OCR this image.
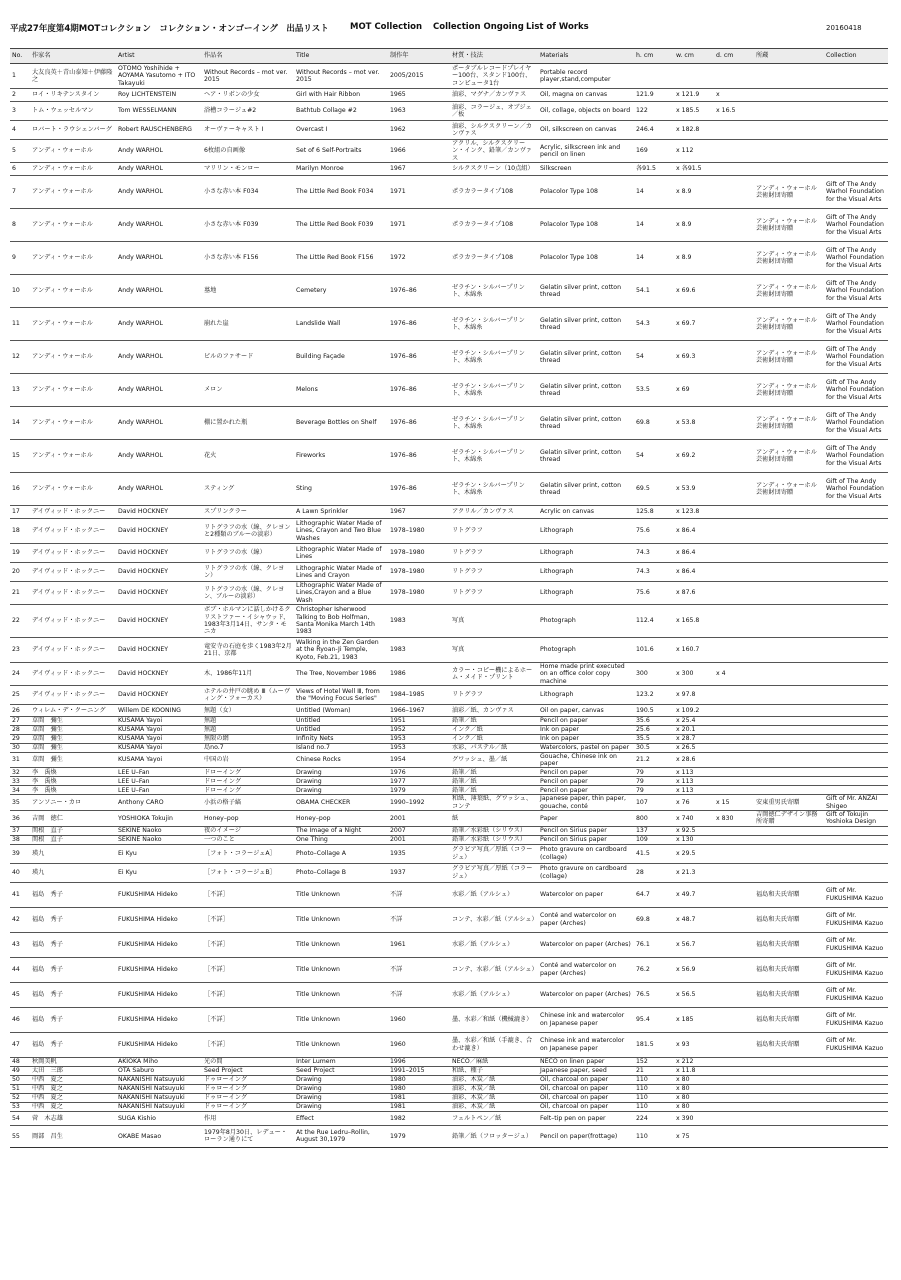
平成27年度第4期MOTコレクション　コレクション・オンゴーイング　出品リスト	MOT Collection Collection Ongoing List of Works	20160418
No.	作家名	Artist	作品名	Title	制作年	材質・技法	Materials	h. cm	w. cm	d. cm	所蔵	Collection
1	大友良英＋青山泰知＋伊藤隆之	OTOMO Yoshihide + AOYAMA Yasutomo + ITO Takayuki	Without Records – mot ver. 2015	Without Records – mot ver. 2015	2005/2015	ポータブルレコードプレイヤー100台、スタンド100台、コンピュータ1台	Portable record player,stand,computer					
2	ロイ・リキテンスタイン	Roy LICHTENSTEIN	ヘア・リボンの少女	Girl with Hair Ribbon	1965	油彩、マグナ／カンヴァス	Oil, magna on canvas	121.9	x 121.9	x		
3	トム・ウェッセルマン	Tom WESSELMANN	浴槽コラージュ#2	Bathtub Collage #2	1963	油彩、コラージュ、オブジェ／板	Oil, collage, objects on board	122	x 185.5	x 16.5		
4	ロバート・ラウシェンバーグ	Robert RAUSCHENBERG	オーヴァーキャスト Ⅰ	Overcast Ⅰ	1962	油彩、シルクスクリーン／カンヴァス	Oil, silkscreen on canvas	246.4	x 182.8			
5	アンディ・ウォーホル	Andy WARHOL	6枚組の自画像	Set of 6 Self-Portraits	1966	アクリル、シルクスクリーン・インク、鉛筆／カンヴァス	Acrylic, silkscreen ink and pencil on linen	169	x 112			
6	アンディ・ウォーホル	Andy WARHOL	マリリン・モンロー	Marilyn Monroe	1967	シルクスクリーン（10点組）	Silkscreen	各91.5	x 各91.5			
7	アンディ・ウォーホル	Andy WARHOL	小さな赤い本 F034	The Little Red Book F034	1971	ポラカラータイプ108	Polacolor Type 108	14	x 8.9		アンディ・ウォーホル芸術財団寄贈	Gift of The Andy Warhol Foundation for the Visual Arts
8	アンディ・ウォーホル	Andy WARHOL	小さな赤い本 F039	The Little Red Book F039	1971	ポラカラータイプ108	Polacolor Type 108	14	x 8.9		アンディ・ウォーホル芸術財団寄贈	Gift of The Andy Warhol Foundation for the Visual Arts
9	アンディ・ウォーホル	Andy WARHOL	小さな赤い本 F156	The Little Red Book F156	1972	ポラカラータイプ108	Polacolor Type 108	14	x 8.9		アンディ・ウォーホル芸術財団寄贈	Gift of The Andy Warhol Foundation for the Visual Arts
10	アンディ・ウォーホル	Andy WARHOL	墓地	Cemetery	1976–86	ゼラチン・シルバープリント、木綿糸	Gelatin silver print, cotton thread	54.1	x 69.6		アンディ・ウォーホル芸術財団寄贈	Gift of The Andy Warhol Foundation for the Visual Arts
11	アンディ・ウォーホル	Andy WARHOL	崩れた崖	Landslide Wall	1976–86	ゼラチン・シルバープリント、木綿糸	Gelatin silver print, cotton thread	54.3	x 69.7		アンディ・ウォーホル芸術財団寄贈	Gift of The Andy Warhol Foundation for the Visual Arts
12	アンディ・ウォーホル	Andy WARHOL	ビルのファサード	Building Façade	1976–86	ゼラチン・シルバープリント、木綿糸	Gelatin silver print, cotton thread	54	x 69.3		アンディ・ウォーホル芸術財団寄贈	Gift of The Andy Warhol Foundation for the Visual Arts
13	アンディ・ウォーホル	Andy WARHOL	メロン	Melons	1976–86	ゼラチン・シルバープリント、木綿糸	Gelatin silver print, cotton thread	53.5	x 69		アンディ・ウォーホル芸術財団寄贈	Gift of The Andy Warhol Foundation for the Visual Arts
14	アンディ・ウォーホル	Andy WARHOL	棚に置かれた瓶	Beverage Bottles on Shelf	1976–86	ゼラチン・シルバープリント、木綿糸	Gelatin silver print, cotton thread	69.8	x 53.8		アンディ・ウォーホル芸術財団寄贈	Gift of The Andy Warhol Foundation for the Visual Arts
15	アンディ・ウォーホル	Andy WARHOL	花火	Fireworks	1976–86	ゼラチン・シルバープリント、木綿糸	Gelatin silver print, cotton thread	54	x 69.2		アンディ・ウォーホル芸術財団寄贈	Gift of The Andy Warhol Foundation for the Visual Arts
16	アンディ・ウォーホル	Andy WARHOL	スティング	Sting	1976–86	ゼラチン・シルバープリント、木綿糸	Gelatin silver print, cotton thread	69.5	x 53.9		アンディ・ウォーホル芸術財団寄贈	Gift of The Andy Warhol Foundation for the Visual Arts
17	デイヴィッド・ホックニー	David HOCKNEY	スプリンクラー	A Lawn Sprinkler	1967	アクリル／カンヴァス	Acrylic on canvas	125.8	x 123.8			
18	デイヴィッド・ホックニー	David HOCKNEY	リトグラフの水（線、クレヨンと2種類のブルーの淡彩）	Lithographic Water Made of Lines, Crayon and Two Blue Washes	1978–1980	リトグラフ	Lithograph	75.6	x 86.4			
19	デイヴィッド・ホックニー	David HOCKNEY	リトグラフの水（線）	Lithographic Water Made of Lines	1978–1980	リトグラフ	Lithograph	74.3	x 86.4			
20	デイヴィッド・ホックニー	David HOCKNEY	リトグラフの水（線、クレヨン）	Lithographic Water Made of Lines and Crayon	1978–1980	リトグラフ	Lithograph	74.3	x 86.4			
21	デイヴィッド・ホックニー	David HOCKNEY	リトグラフの水（線、クレヨン、ブルーの淡彩）	Lithographic Water Made of Lines,Crayon and a Blue Wash	1978–1980	リトグラフ	Lithograph	75.6	x 87.6			
22	デイヴィッド・ホックニー	David HOCKNEY	ボブ・ホルマンに話しかけるクリストファー・イシャウッド、1983年3月14日、サンタ・モニカ	Christopher Isherwood Talking to Bob Holfman, Santa Monika March 14th 1983	1983	写真	Photograph	112.4	x 165.8			
23	デイヴィッド・ホックニー	David HOCKNEY	竜安寺の石庭を歩く1983年2月21日、京都	Walking in the Zen Garden at the Ryoan-Ji Temple, Kyoto, Feb.21, 1983	1983	写真	Photograph	101.6	x 160.7			
24	デイヴィッド・ホックニー	David HOCKNEY	木、1986年11月	The Tree, November 1986	1986	カラー・コピー機によるホーム・メイド・プリント	Home made print executed on an office color copy machine	300	x 300	x 4		
25	デイヴィッド・ホックニー	David HOCKNEY	ホテルの井戸の眺め Ⅲ（ムーヴィング・フォーカス）	Views of Hotel Well Ⅲ, from the "Moving Focus Series"	1984–1985	リトグラフ	Lithograph	123.2	x 97.8			
26	ウィレム・デ・クーニング	Willem DE KOONING	無題（女）	Untitled (Woman)	1966–1967	油彩／紙、カンヴァス	Oil on paper, canvas	190.5	x 109.2			
27	草間　彌生	KUSAMA Yayoi	無題	Untitled	1951	鉛筆／紙	Pencil on paper	35.6	x 25.4			
28	草間　彌生	KUSAMA Yayoi	無題	Untitled	1952	インク／紙	Ink on paper	25.6	x 20.1			
29	草間　彌生	KUSAMA Yayoi	無限の網	Infinity Nets	1953	インク／紙	Ink on paper	35.5	x 28.7			
30	草間　彌生	KUSAMA Yayoi	島no.7	Island no.7	1953	水彩、パステル／紙	Watercolors, pastel on paper	30.5	x 26.5			
31	草間　彌生	KUSAMA Yayoi	中国の岩	Chinese Rocks	1954	グワッシュ、墨／紙	Gouache, Chinese ink on paper	21.2	x 28.6			
32	李　禹煥	LEE U–Fan	ドローイング	Drawing	1976	鉛筆／紙	Pencil on paper	79	x 113			
33	李　禹煥	LEE U–Fan	ドローイング	Drawing	1977	鉛筆／紙	Pencil on paper	79	x 113			
34	李　禹煥	LEE U–Fan	ドローイング	Drawing	1979	鉛筆／紙	Pencil on paper	79	x 113			
35	アンソニー・カロ	Anthony CARO	小浜の格子縞	OBAMA CHECKER	1990–1992	和紙、薄葉紙、グワッシュ、コンテ	Japanese paper, thin paper, gouache, conté	107	x 76	x 15	安東重男氏寄贈	Gift of Mr. ANZAI Shigeo
36	吉岡　徳仁	YOSHIOKA Tokujin	Honey–pop	Honey–pop	2001	紙	Paper	800	x 740	x 830	吉岡徳仁デザイン事務所寄贈	Gift of Tokujin Yoshioka Design
37	関根　直子	SEKINE Naoko	夜のイメージ	The Image of a Night	2007	鉛筆／水彩紙（シリウス）	Pencil on Sirius paper	137	x 92.5			
38	関根　直子	SEKINE Naoko	一つのこと	One Thing	2001	鉛筆／水彩紙（シリウス）	Pencil on Sirius paper	109	x 130			
39	瑛九	Ei Kyu	［フォト・コラージュA］	Photo–Collage A	1935	グラビア写真／厚紙（コラージュ）	Photo gravure on cardboard (collage)	41.5	x 29.5			
40	瑛九	Ei Kyu	［フォト・コラージュB］	Photo–Collage B	1937	グラビア写真／厚紙（コラージュ）	Photo gravure on cardboard (collage)	28	x 21.3			
41	福島　秀子	FUKUSHIMA Hideko	［不詳］	Title Unknown	不詳	水彩／紙（アルシュ）	Watercolor on paper	64.7	x 49.7		福島和夫氏寄贈	Gift of Mr. FUKUSHIMA Kazuo
42	福島　秀子	FUKUSHIMA Hideko	［不詳］	Title Unknown	不詳	コンテ、水彩／紙（アルシュ）	Conté and watercolor on paper (Arches)	69.8	x 48.7		福島和夫氏寄贈	Gift of Mr. FUKUSHIMA Kazuo
43	福島　秀子	FUKUSHIMA Hideko	［不詳］	Title Unknown	1961	水彩／紙（アルシュ）	Watercolor on paper (Arches)	76.1	x 56.7		福島和夫氏寄贈	Gift of Mr. FUKUSHIMA Kazuo
44	福島　秀子	FUKUSHIMA Hideko	［不詳］	Title Unknown	不詳	コンテ、水彩／紙（アルシュ）	Conté and watercolor on paper (Arches)	76.2	x 56.9		福島和夫氏寄贈	Gift of Mr. FUKUSHIMA Kazuo
45	福島　秀子	FUKUSHIMA Hideko	［不詳］	Title Unknown	不詳	水彩／紙（アルシュ）	Watercolor on paper (Arches)	76.5	x 56.5		福島和夫氏寄贈	Gift of Mr. FUKUSHIMA Kazuo
46	福島　秀子	FUKUSHIMA Hideko	［不詳］	Title Unknown	1960	墨、水彩／和紙（機械漉き）	Chinese ink and watercolor on Japanese paper	95.4	x 185		福島和夫氏寄贈	Gift of Mr. FUKUSHIMA Kazuo
47	福島　秀子	FUKUSHIMA Hideko	［不詳］	Title Unknown	1960	墨、水彩／和紙（手漉き、合わせ漉き）	Chinese ink and watercolor on Japanese paper	181.5	x 93		福島和夫氏寄贈	Gift of Mr. FUKUSHIMA Kazuo
48	秋岡美帆	AKIOKA Miho	光の間	Inter Lumem	1996	NECO／麻紙	NECO on linen paper	152	x 212			
49	太田　三郎	OTA Saburo	Seed Project	Seed Project	1991–2015	和紙、種子	Japanese paper, seed	21	x 11.8			
50	中西　夏之	NAKANISHI Natsuyuki	ドゥローイング	Drawing	1980	油彩、木炭／紙	Oil, charcoal on paper	110	x 80			
51	中西　夏之	NAKANISHI Natsuyuki	ドゥローイング	Drawing	1980	油彩、木炭／紙	Oil, charcoal on paper	110	x 80			
52	中西　夏之	NAKANISHI Natsuyuki	ドゥローイング	Drawing	1981	油彩、木炭／紙	Oil, charcoal on paper	110	x 80			
53	中西　夏之	NAKANISHI Natsuyuki	ドゥローイング	Drawing	1981	油彩、木炭／紙	Oil, charcoal on paper	110	x 80			
54	菅　木志雄	SUGA Kishio	作用	Effect	1982	フェルトペン／紙	Felt–tip pen on paper	224	x 390			
55	岡部　昌生	OKABE Masao	1979年8月30日、レデュー・ローラン通りにて	At the Rue Ledru–Rollin, August 30,1979	1979	鉛筆／紙（フロッタージュ）	Pencil on paper(frottage)	110	x 75			
